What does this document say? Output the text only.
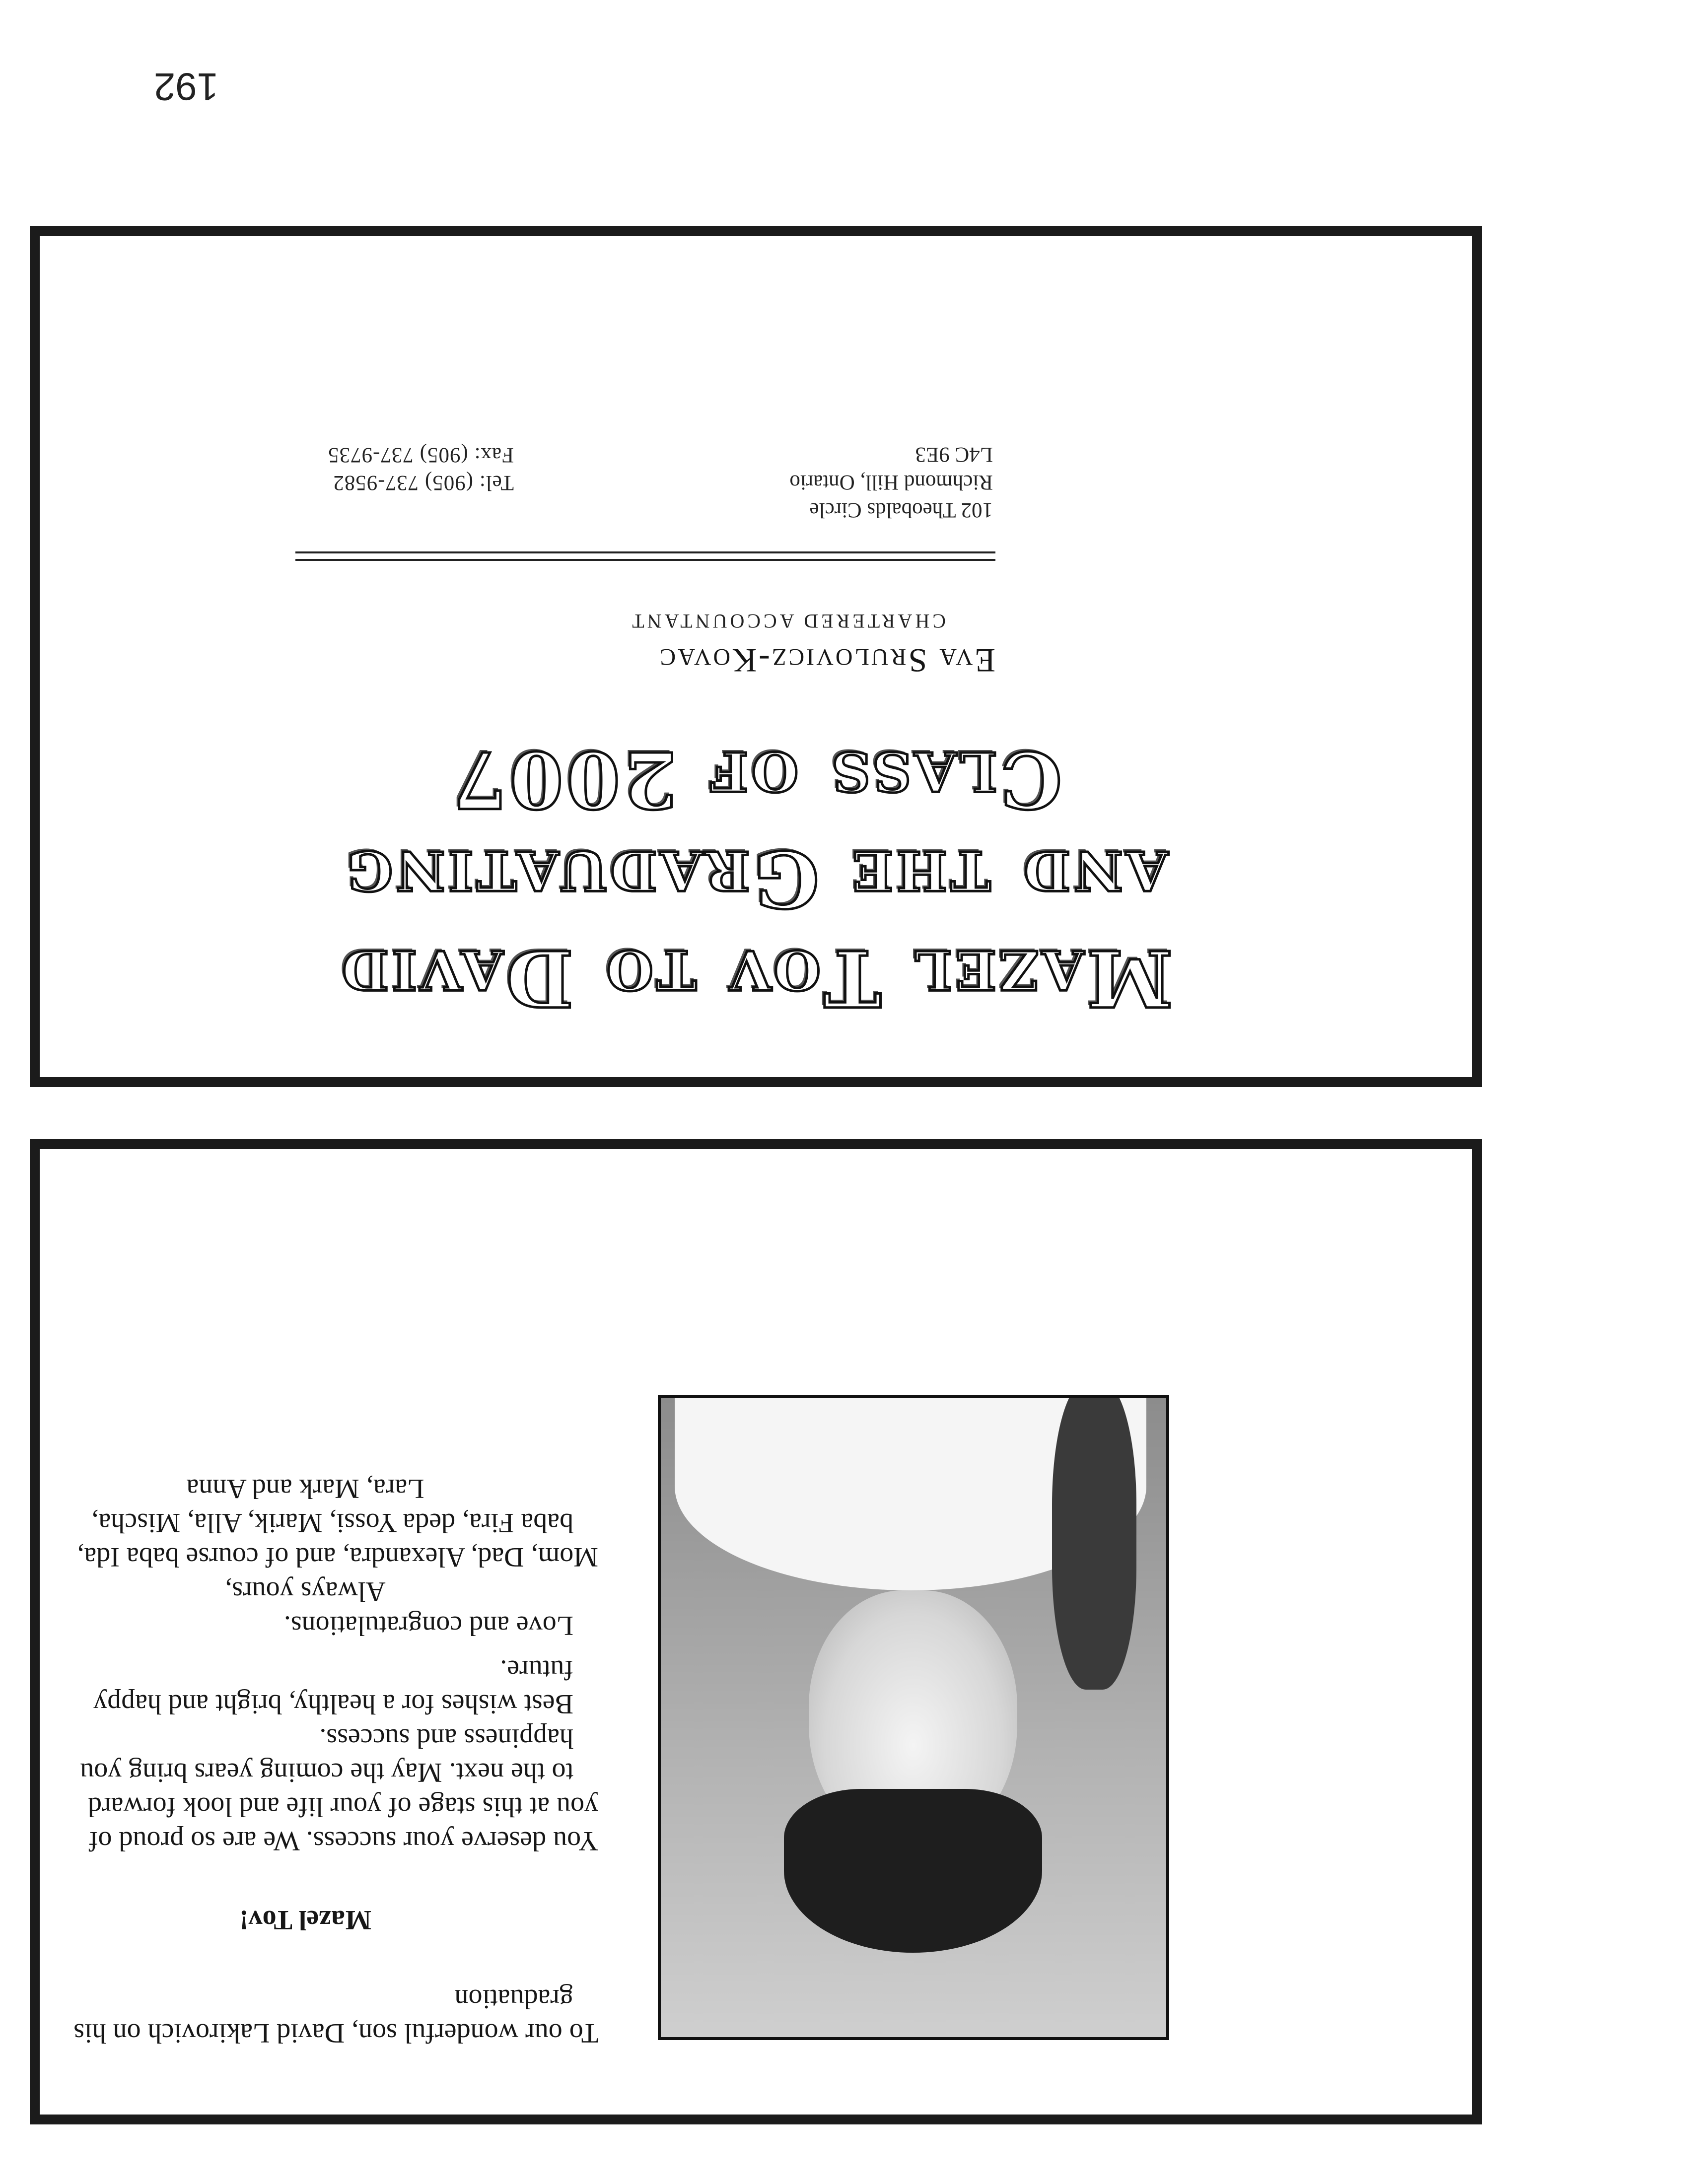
192
Mazel Tov to David
and the Graduating
Class of 2007
Eva Srulovicz-Kovac
CHARTERED ACCOUNTANT
102 Theobalds Circle
Richmond Hill, Ontario
L4C 9E3
Tel: (905) 737-9582
Fax: (905) 737-9735
To our wonderful son, David Lakirovich on his
graduation
Mazel Tov!
You deserve your success. We are so proud of
you at this stage of your life and look forward
to the next. May the coming years bring you
happiness and success.
Best wishes for a healthy, bright and happy
future.
Love and congratulations.
Always yours,
Mom, Dad, Alexandra, and of course baba Ida,
baba Fira, deda Yossi, Marik, Alla, Mischa,
Lara, Mark and Anna
